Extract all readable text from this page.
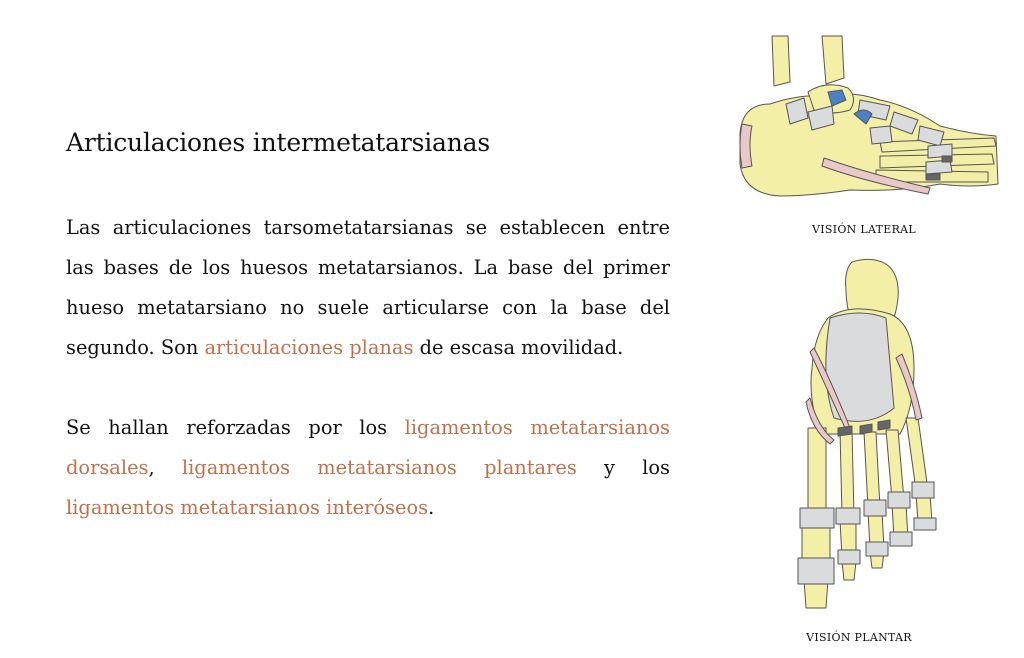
Articulaciones intermetatarsianas

Las articulaciones tarsometatarsianas se establecen entre las bases de los huesos metatarsianos. La base del primer hueso metatarsiano no suele articularse con la base del segundo. Son articulaciones planas de escasa movilidad.

Se hallan reforzadas por los ligamentos metatarsianos dorsales, ligamentos metatarsianos plantares y los ligamentos metatarsianos interóseos.

VISIÓN LATERAL
VISIÓN PLANTAR
